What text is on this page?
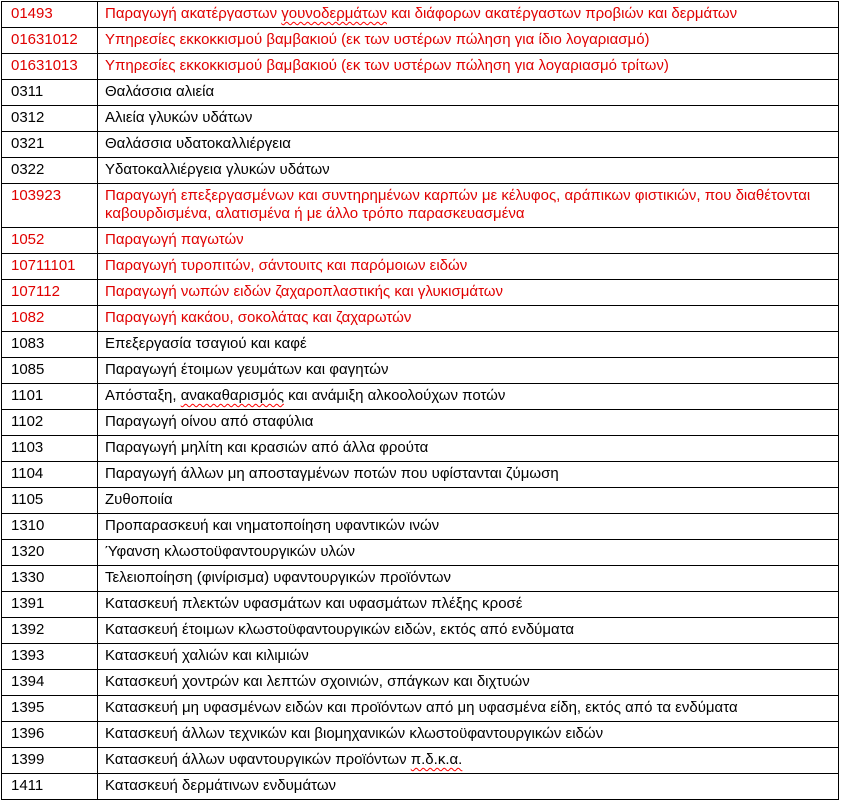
01493	Παραγωγή ακατέργαστων γουνοδερμάτων και διάφορων ακατέργαστων προβιών και δερμάτων
01631012	Υπηρεσίες εκκοκκισμού βαμβακιού (εκ των υστέρων πώληση για ίδιο λογαριασμό)
01631013	Υπηρεσίες εκκοκκισμού βαμβακιού (εκ των υστέρων πώληση για λογαριασμό τρίτων)
0311	Θαλάσσια αλιεία
0312	Αλιεία γλυκών υδάτων
0321	Θαλάσσια υδατοκαλλιέργεια
0322	Υδατοκαλλιέργεια γλυκών υδάτων
103923	Παραγωγή επεξεργασμένων και συντηρημένων καρπών με κέλυφος, αράπικων φιστικιών, που διαθέτονται καβουρδισμένα, αλατισμένα ή με άλλο τρόπο παρασκευασμένα
1052	Παραγωγή παγωτών
10711101	Παραγωγή τυροπιτών, σάντουιτς και παρόμοιων ειδών
107112	Παραγωγή νωπών ειδών ζαχαροπλαστικής και γλυκισμάτων
1082	Παραγωγή κακάου, σοκολάτας και ζαχαρωτών
1083	Επεξεργασία τσαγιού και καφέ
1085	Παραγωγή έτοιμων γευμάτων και φαγητών
1101	Απόσταξη, ανακαθαρισμός και ανάμιξη αλκοολούχων ποτών
1102	Παραγωγή οίνου από σταφύλια
1103	Παραγωγή μηλίτη και κρασιών από άλλα φρούτα
1104	Παραγωγή άλλων μη αποσταγμένων ποτών που υφίστανται ζύμωση
1105	Ζυθοποιία
1310	Προπαρασκευή και νηματοποίηση υφαντικών ινών
1320	Ύφανση κλωστοϋφαντουργικών υλών
1330	Τελειοποίηση (φινίρισμα) υφαντουργικών προϊόντων
1391	Κατασκευή πλεκτών υφασμάτων και υφασμάτων πλέξης κροσέ
1392	Κατασκευή έτοιμων κλωστοϋφαντουργικών ειδών, εκτός από ενδύματα
1393	Κατασκευή χαλιών και κιλιμιών
1394	Κατασκευή χοντρών και λεπτών σχοινιών, σπάγκων και διχτυών
1395	Κατασκευή μη υφασμένων ειδών και προϊόντων από μη υφασμένα είδη, εκτός από τα ενδύματα
1396	Κατασκευή άλλων τεχνικών και βιομηχανικών κλωστοϋφαντουργικών ειδών
1399	Κατασκευή άλλων υφαντουργικών προϊόντων π.δ.κ.α.
1411	Κατασκευή δερμάτινων ενδυμάτων
